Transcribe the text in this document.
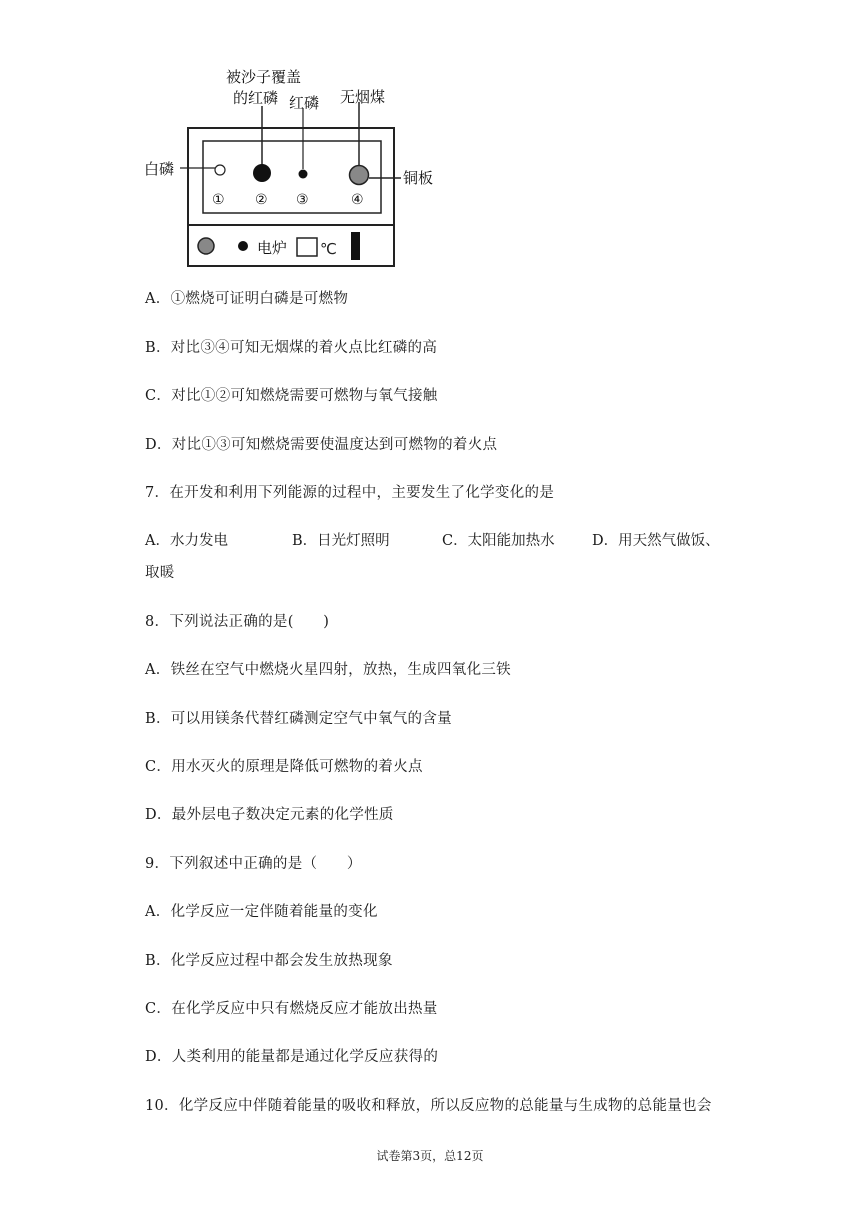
℃
被沙子覆盖
的红磷 红磷 无烟煤
白磷	铜板
电炉
① ② ③	④
A．①燃烧可证明白磷是可燃物
B．对比③④可知无烟煤的着火点比红磷的高
C．对比①②可知燃烧需要可燃物与氧气接触
D．对比①③可知燃烧需要使温度达到可燃物的着火点
7．在开发和利用下列能源的过程中，主要发生了化学变化的是
A．水力发电	B．日光灯照明	C．太阳能加热水	D．用天然气做饭、
取暖
8．下列说法正确的是(　　)
A．铁丝在空气中燃烧火星四射，放热，生成四氧化三铁
B．可以用镁条代替红磷测定空气中氧气的含量
C．用水灭火的原理是降低可燃物的着火点
D．最外层电子数决定元素的化学性质
9．下列叙述中正确的是（　　）
A．化学反应一定伴随着能量的变化
B．化学反应过程中都会发生放热现象
C．在化学反应中只有燃烧反应才能放出热量
D．人类利用的能量都是通过化学反应获得的
10．化学反应中伴随着能量的吸收和释放，所以反应物的总能量与生成物的总能量也会
试卷第3页，总12页
